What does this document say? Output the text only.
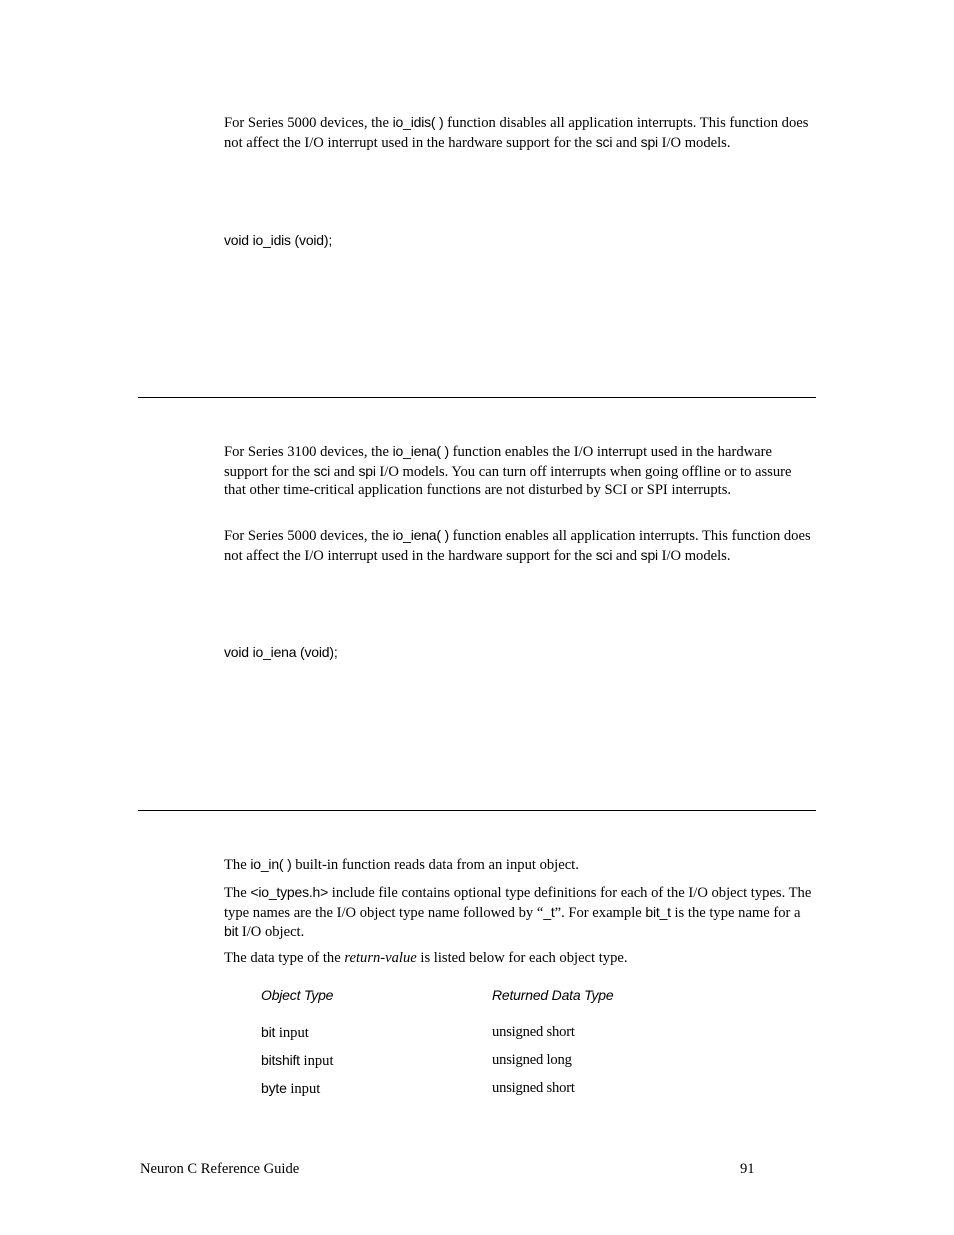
For Series 5000 devices, the io_idis( ) function disables all application interrupts. This function does not affect the I/O interrupt used in the hardware support for the sci and spi I/O models.
void io_idis (void);
For Series 3100 devices, the io_iena( ) function enables the I/O interrupt used in the hardware support for the sci and spi I/O models. You can turn off interrupts when going offline or to assure that other time-critical application functions are not disturbed by SCI or SPI interrupts.
For Series 5000 devices, the io_iena( ) function enables all application interrupts. This function does not affect the I/O interrupt used in the hardware support for the sci and spi I/O models.
void io_iena (void);
The io_in( ) built-in function reads data from an input object.
The <io_types.h> include file contains optional type definitions for each of the I/O object types. The type names are the I/O object type name followed by “_t”. For example bit_t is the type name for a bit I/O object.
The data type of the return-value is listed below for each object type.
Object Type	Returned Data Type
bit input	unsigned short
bitshift input	unsigned long
byte input	unsigned short
Neuron C Reference Guide	91
